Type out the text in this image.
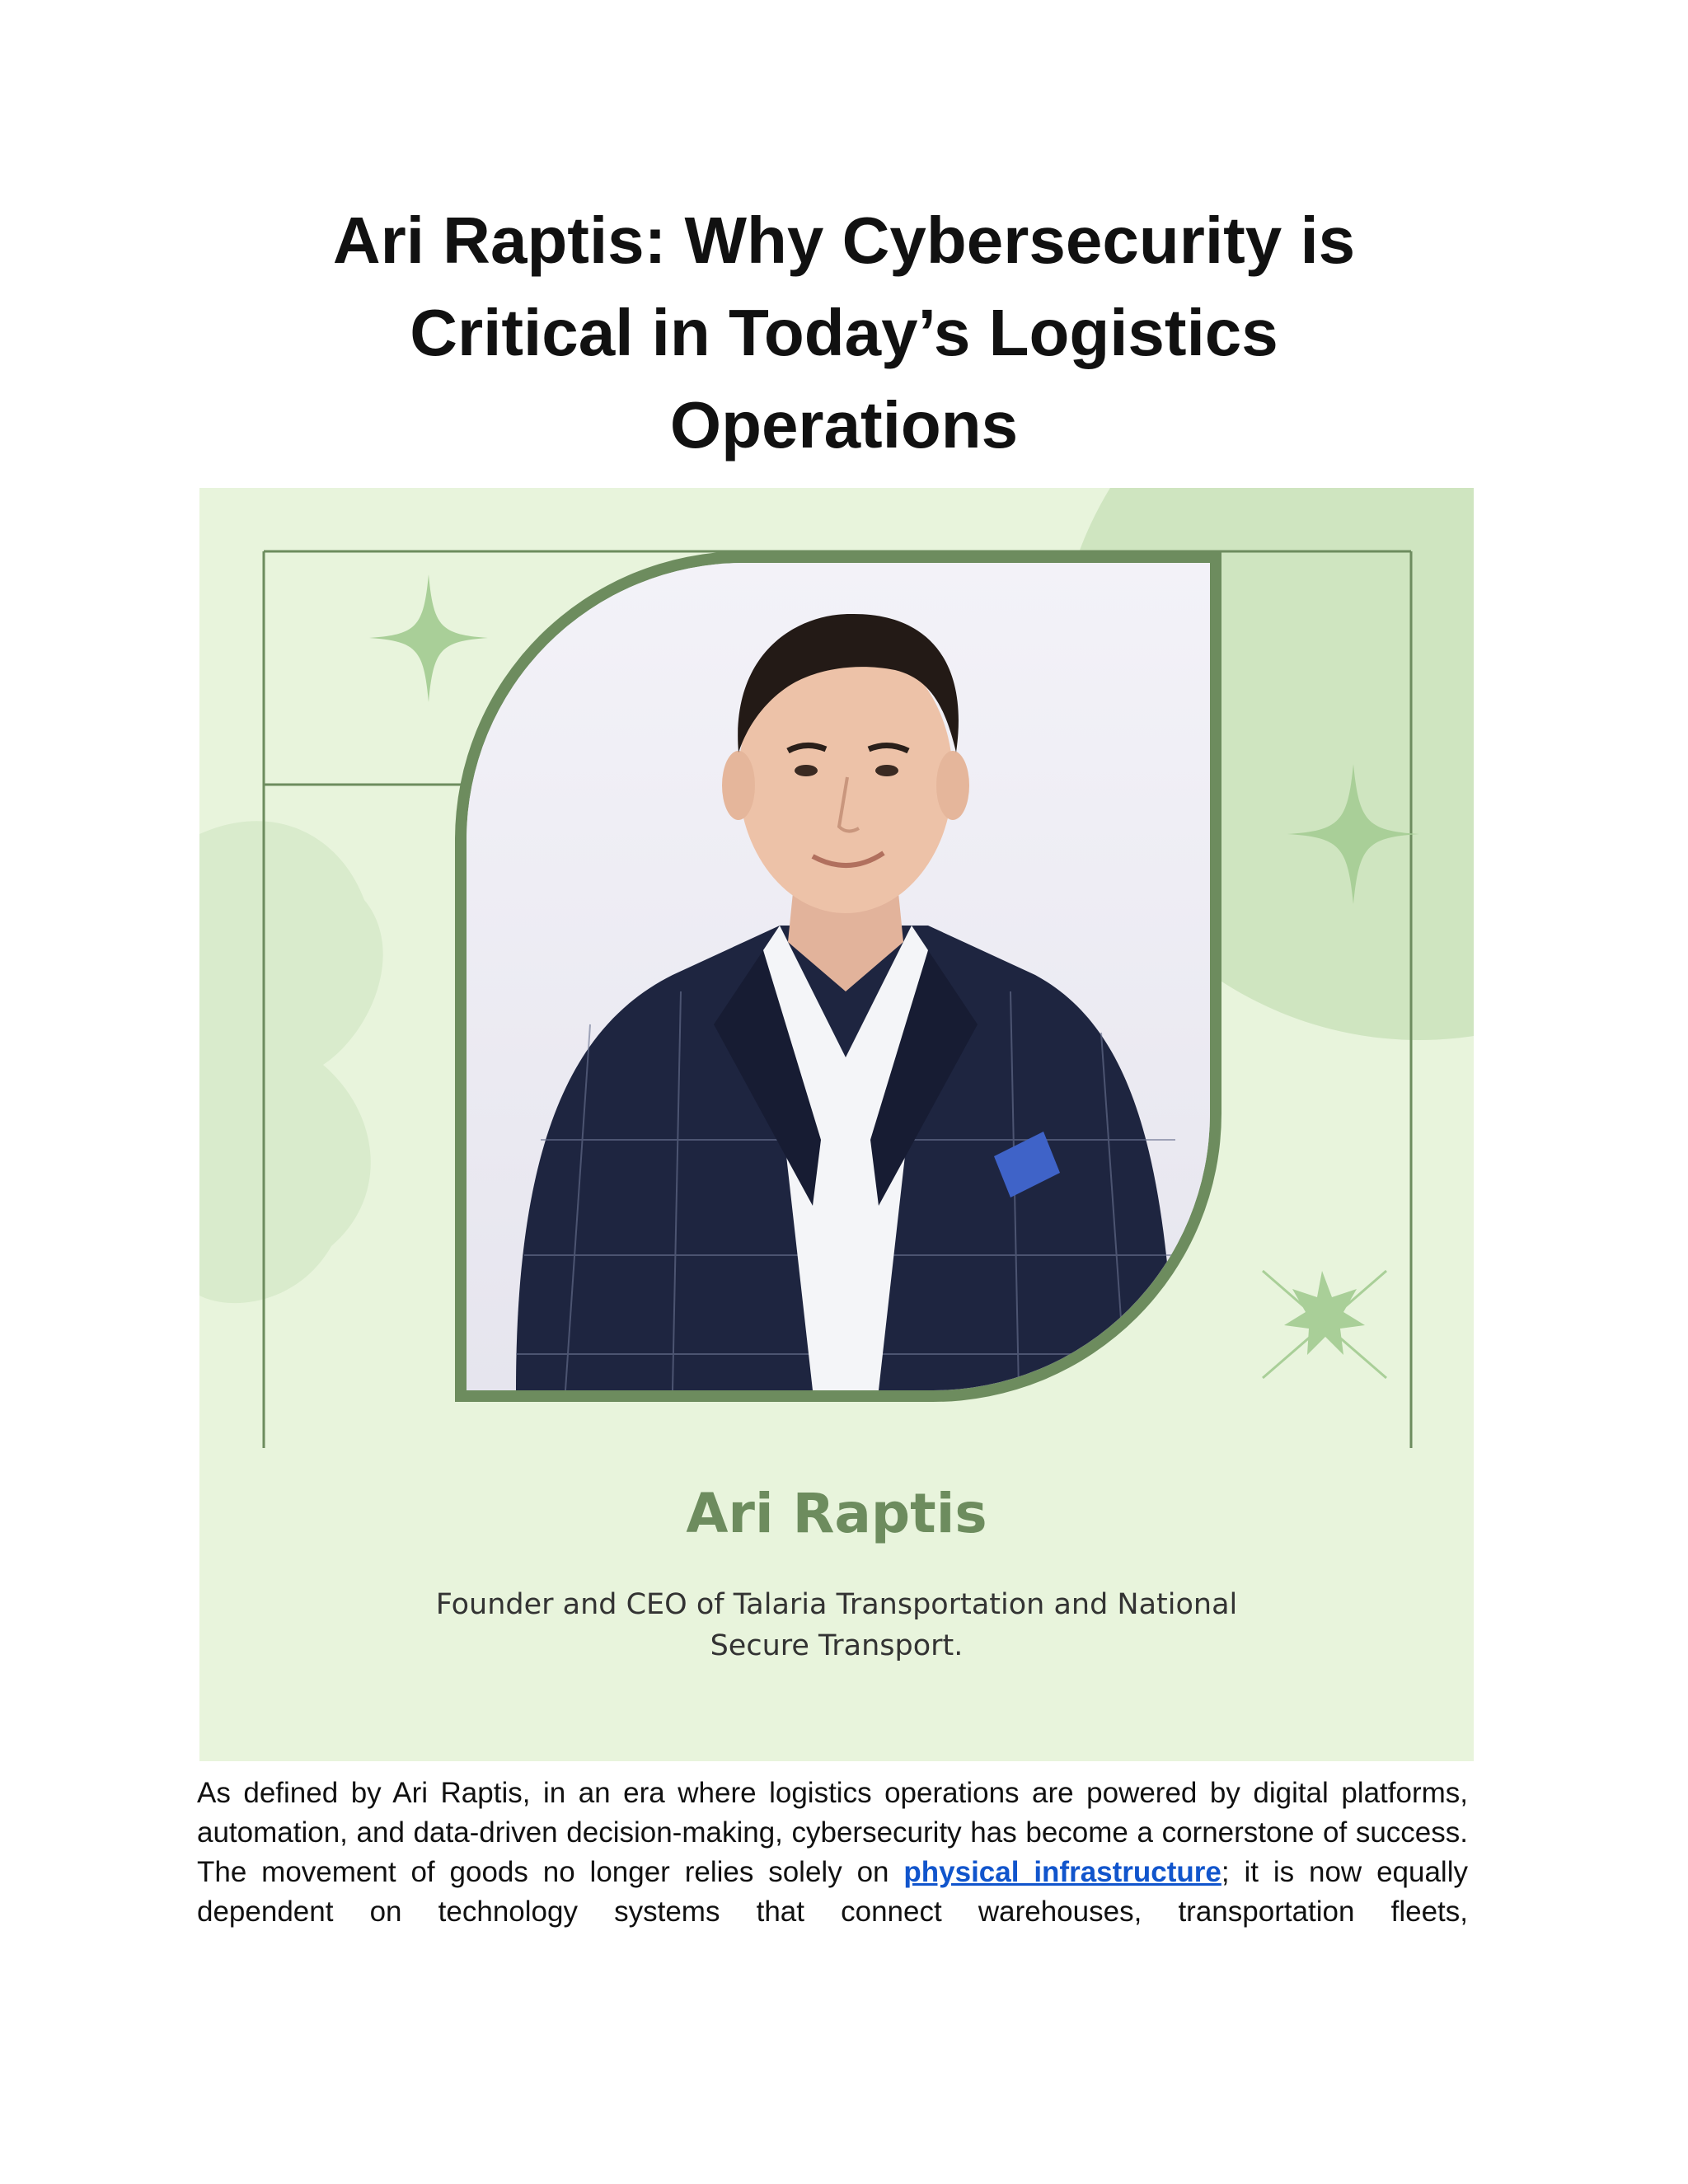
Ari Raptis: Why Cybersecurity is
Critical in Today’s Logistics
Operations
Ari Raptis
Founder and CEO of Talaria Transportation and National
Secure Transport.

As defined by Ari Raptis, in an era where logistics operations are powered by digital platforms, automation, and data-driven decision-making, cybersecurity has become a cornerstone of success. The movement of goods no longer relies solely on physical infrastructure; it is now equally dependent on technology systems that connect warehouses, transportation fleets,
